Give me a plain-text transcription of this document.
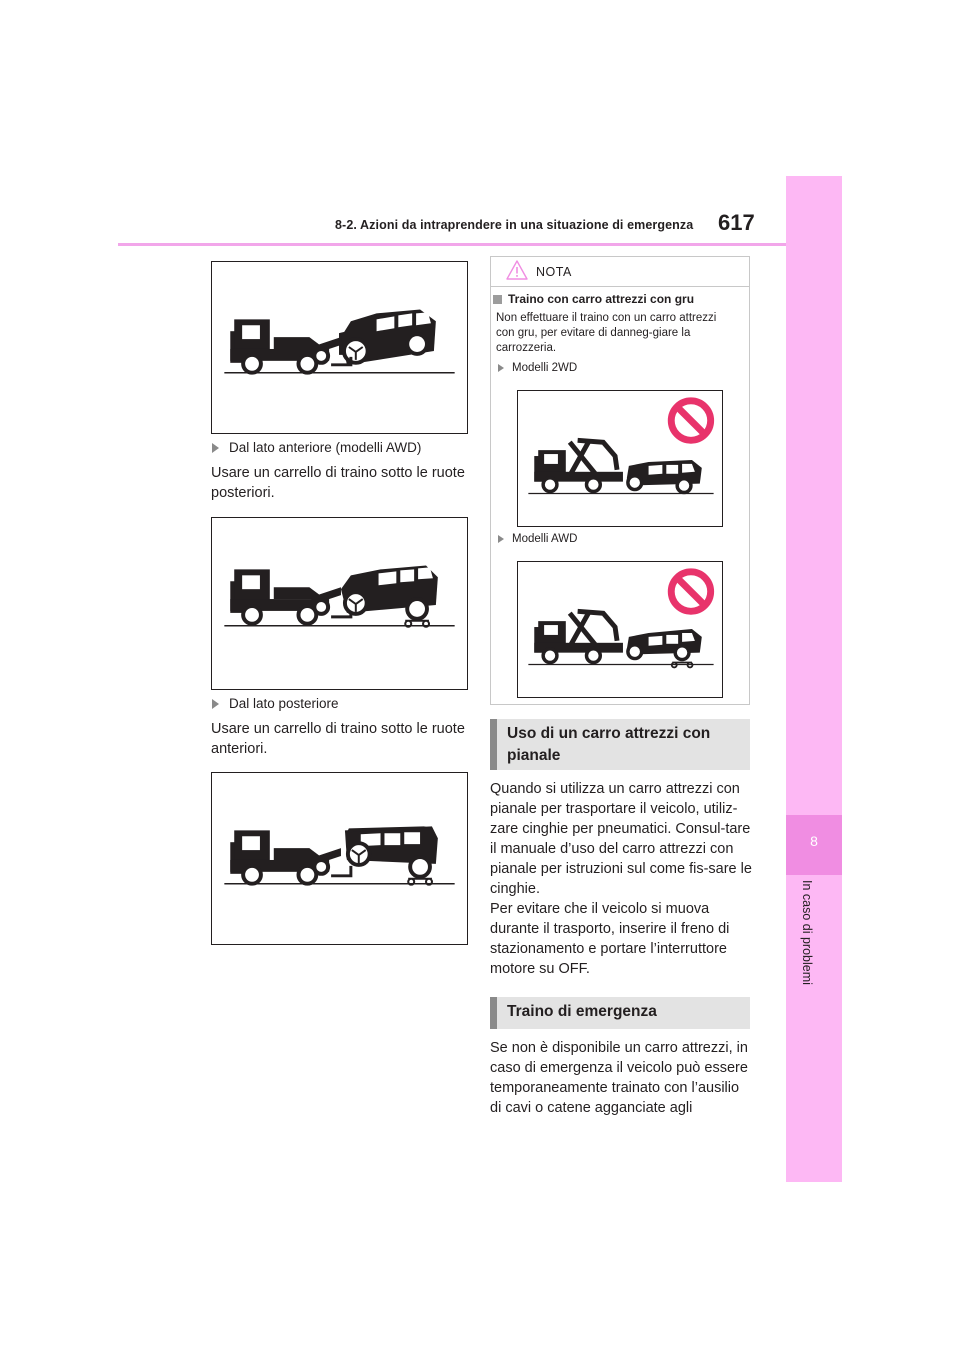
8-2. Azioni da intraprendere in una situazione di emergenza 617
8
In caso di problemi
Dal lato anteriore (modelli AWD)
Usare un carrello di traino sotto le ruote posteriori.
Dal lato posteriore
Usare un carrello di traino sotto le ruote anteriori.
NOTA
Traino con carro attrezzi con gru
Non effettuare il traino con un carro attrezzi con gru, per evitare di danneg-giare la carrozzeria.
Modelli 2WD
Modelli AWD
Uso di un carro attrezzi con pianale
Quando si utilizza un carro attrezzi con pianale per trasportare il veicolo, utiliz-zare cinghie per pneumatici. Consul-tare il manuale d’uso del carro attrezzi con pianale per istruzioni sul come fis-sare le cinghie.
Per evitare che il veicolo si muova durante il trasporto, inserire il freno di stazionamento e portare l’interruttore motore su OFF.
Traino di emergenza
Se non è disponibile un carro attrezzi, in caso di emergenza il veicolo può essere temporaneamente trainato con l’ausilio di cavi o catene agganciate agli
